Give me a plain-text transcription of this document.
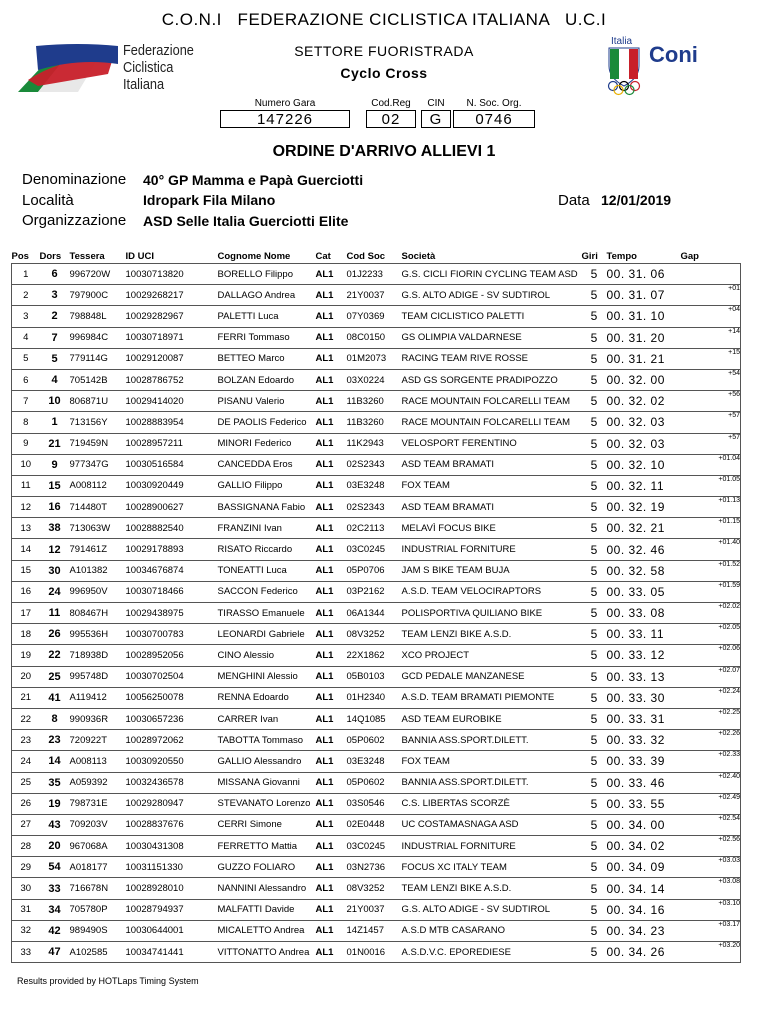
C.O.N.I   FEDERAZIONE CICLISTICA ITALIANA   U.C.I
SETTORE FUORISTRADA
Cyclo Cross
Federazione
Ciclistica
Italiana
Italia
Coni
Numero Gara	Cod.Reg	CIN	N. Soc. Org.
147226	02	G	0746
ORDINE D'ARRIVO ALLIEVI 1
Denominazione 40° GP Mamma e Papà Guerciotti
Località	Idropark Fila Milano	Data 12/01/2019
Organizzazione ASD Selle Italia Guerciotti Elite
Pos	Dors	Tessera	ID UCI	Cognome Nome	Cat	Cod Soc	Società	Giri	Tempo	Gap
1	6	996720W	10030713820	BORELLO Filippo	AL1	01J2233	G.S. CICLI FIORIN CYCLING TEAM ASD	5	00. 31. 06	
2	3	797900C	10029268217	DALLAGO Andrea	AL1	21Y0037	G.S. ALTO ADIGE - SV SUDTIROL	5	00. 31. 07	+01
3	2	798848L	10029282967	PALETTI Luca	AL1	07Y0369	TEAM CICLISTICO PALETTI	5	00. 31. 10	+04
4	7	996984C	10030718971	FERRI Tommaso	AL1	08C0150	GS OLIMPIA VALDARNESE	5	00. 31. 20	+14
5	5	779114G	10029120087	BETTEO Marco	AL1	01M2073	RACING TEAM RIVE ROSSE	5	00. 31. 21	+15
6	4	705142B	10028786752	BOLZAN Edoardo	AL1	03X0224	ASD GS SORGENTE PRADIPOZZO	5	00. 32. 00	+54
7	10	806871U	10029414020	PISANU Valerio	AL1	11B3260	RACE MOUNTAIN FOLCARELLI TEAM	5	00. 32. 02	+56
8	1	713156Y	10028883954	DE PAOLIS Federico	AL1	11B3260	RACE MOUNTAIN FOLCARELLI TEAM	5	00. 32. 03	+57
9	21	719459N	10028957211	MINORI Federico	AL1	11K2943	VELOSPORT FERENTINO	5	00. 32. 03	+57
10	9	977347G	10030516584	CANCEDDA Eros	AL1	02S2343	ASD TEAM BRAMATI	5	00. 32. 10	+01.04
11	15	A008112	10030920449	GALLIO Filippo	AL1	03E3248	FOX TEAM	5	00. 32. 11	+01.05
12	16	714480T	10028900627	BASSIGNANA Fabio	AL1	02S2343	ASD TEAM BRAMATI	5	00. 32. 19	+01.13
13	38	713063W	10028882540	FRANZINI Ivan	AL1	02C2113	MELAVÌ FOCUS BIKE	5	00. 32. 21	+01.15
14	12	791461Z	10029178893	RISATO Riccardo	AL1	03C0245	INDUSTRIAL FORNITURE	5	00. 32. 46	+01.40
15	30	A101382	10034676874	TONEATTI Luca	AL1	05P0706	JAM S BIKE TEAM BUJA	5	00. 32. 58	+01.52
16	24	996950V	10030718466	SACCON Federico	AL1	03P2162	A.S.D. TEAM VELOCIRAPTORS	5	00. 33. 05	+01.59
17	11	808467H	10029438975	TIRASSO Emanuele	AL1	06A1344	POLISPORTIVA QUILIANO BIKE	5	00. 33. 08	+02.02
18	26	995536H	10030700783	LEONARDI Gabriele	AL1	08V3252	TEAM LENZI BIKE A.S.D.	5	00. 33. 11	+02.05
19	22	718938D	10028952056	CINO Alessio	AL1	22X1862	XCO PROJECT	5	00. 33. 12	+02.06
20	25	995748D	10030702504	MENGHINI Alessio	AL1	05B0103	GCD PEDALE MANZANESE	5	00. 33. 13	+02.07
21	41	A119412	10056250078	RENNA Edoardo	AL1	01H2340	A.S.D. TEAM BRAMATI PIEMONTE	5	00. 33. 30	+02.24
22	8	990936R	10030657236	CARRER Ivan	AL1	14Q1085	ASD TEAM EUROBIKE	5	00. 33. 31	+02.25
23	23	720922T	10028972062	TABOTTA Tommaso	AL1	05P0602	BANNIA ASS.SPORT.DILETT.	5	00. 33. 32	+02.26
24	14	A008113	10030920550	GALLIO Alessandro	AL1	03E3248	FOX TEAM	5	00. 33. 39	+02.33
25	35	A059392	10032436578	MISSANA Giovanni	AL1	05P0602	BANNIA ASS.SPORT.DILETT.	5	00. 33. 46	+02.40
26	19	798731E	10029280947	STEVANATO Lorenzo	AL1	03S0546	C.S. LIBERTAS SCORZÈ	5	00. 33. 55	+02.49
27	43	709203V	10028837676	CERRI Simone	AL1	02E0448	UC COSTAMASNAGA ASD	5	00. 34. 00	+02.54
28	20	967068A	10030431308	FERRETTO Mattia	AL1	03C0245	INDUSTRIAL FORNITURE	5	00. 34. 02	+02.56
29	54	A018177	10031151330	GUZZO FOLIARO	AL1	03N2736	FOCUS XC ITALY TEAM	5	00. 34. 09	+03.03
30	33	716678N	10028928010	NANNINI Alessandro	AL1	08V3252	TEAM LENZI BIKE A.S.D.	5	00. 34. 14	+03.08
31	34	705780P	10028794937	MALFATTI Davide	AL1	21Y0037	G.S. ALTO ADIGE - SV SUDTIROL	5	00. 34. 16	+03.10
32	42	989490S	10030644001	MICALETTO Andrea	AL1	14Z1457	A.S.D MTB CASARANO	5	00. 34. 23	+03.17
33	47	A102585	10034741441	VITTONATTO Andrea	AL1	01N0016	A.S.D.V.C. EPOREDIESE	5	00. 34. 26	+03.20
Results provided by HOTLaps Timing System
